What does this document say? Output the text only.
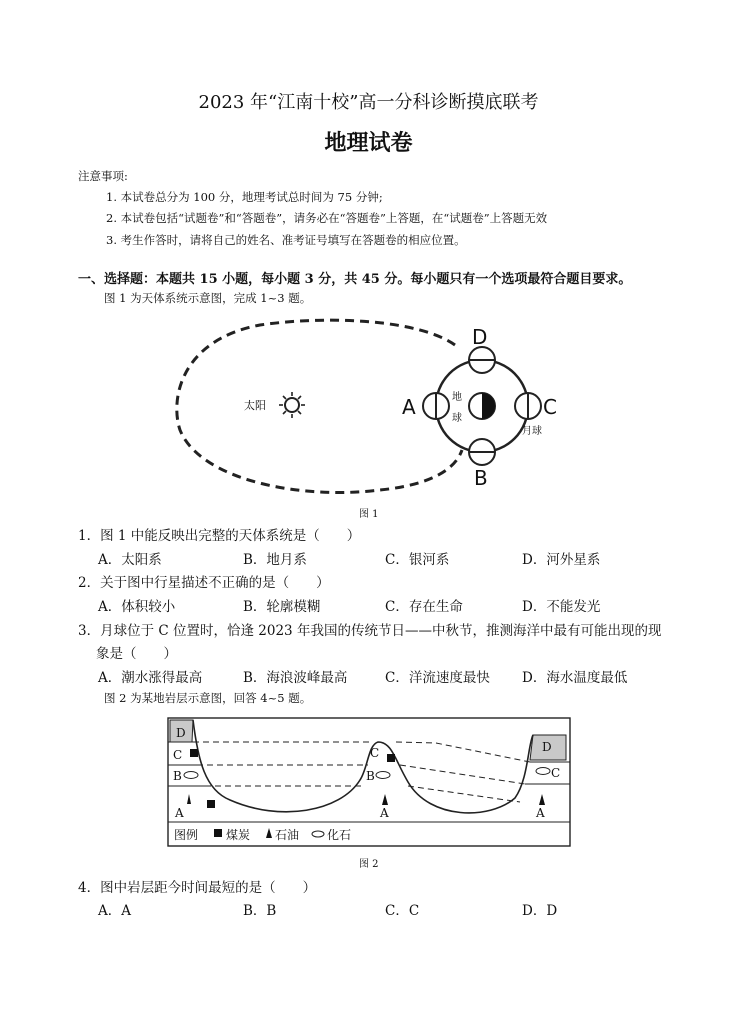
2023 年“江南十校”高一分科诊断摸底联考
地理试卷
注意事项:
1. 本试卷总分为 100 分，地理考试总时间为 75 分钟;
2. 本试卷包括“试题卷”和“答题卷”，请务必在“答题卷”上答题，在“试题卷”上答题无效
3. 考生作答时，请将自己的姓名、准考证号填写在答题卷的相应位置。
一、选择题：本题共 15 小题，每小题 3 分，共 45 分。每小题只有一个选项最符合题目要求。
图 1 为天体系统示意图，完成 1~3 题。
太阳
地
球
月球
D
A	C
B
图 1
1．图 1 中能反映出完整的天体系统是（　　）
A．太阳系	B．地月系	C．银河系	D．河外星系
2．关于图中行星描述不正确的是（　　）
A．体积较小	B．轮廓模糊	C．存在生命	D．不能发光
3．月球位于 C 位置时，恰逢 2023 年我国的传统节日——中秋节，推测海洋中最有可能出现的现
象是（　　）
A．潮水涨得最高	B．海浪波峰最高	C．洋流速度最快 D．海水温度最低
图 2 为某地岩层示意图，回答 4~5 题。
D
C
B
A
C
B
A
D
C
A
图例 煤炭 石油 化石
图 2
4．图中岩层距今时间最短的是（　　）
A．A	B．B	C．C	D．D
